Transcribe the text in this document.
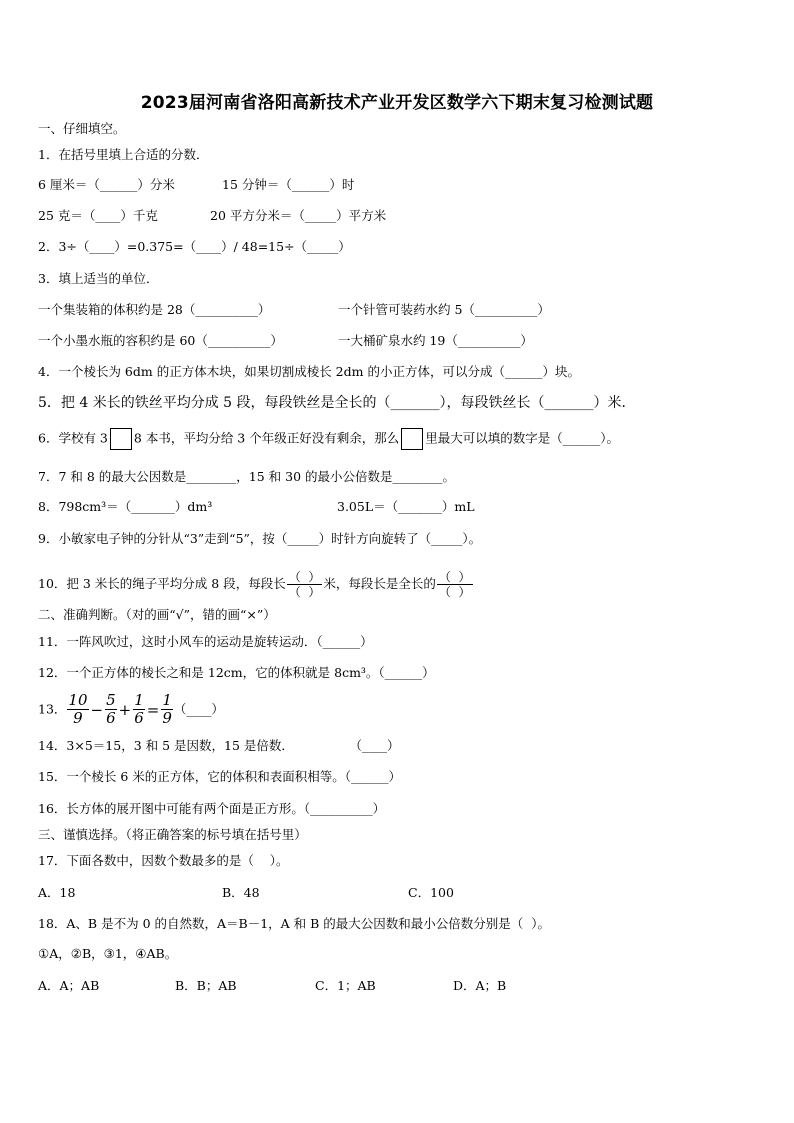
2023届河南省洛阳高新技术产业开发区数学六下期末复习检测试题
一、仔细填空。
1．在括号里填上合适的分数．
6 厘米＝（______）分米	15 分钟＝（______）时
25 克＝（____）千克	20 平方分米＝（_____）平方米
2．3÷（____）=0.375=（____）/ 48=15÷（_____）
3．填上适当的单位．
一个集装箱的体积约是 28（__________）	一个针管可装药水约 5（__________）
一个小墨水瓶的容积约是 60（__________）	一大桶矿泉水约 19（__________）
4．一个棱长为 6dm 的正方体木块，如果切割成棱长 2dm 的小正方体，可以分成（______）块。
5．把 4 米长的铁丝平均分成 5 段，每段铁丝是全长的（_______），每段铁丝长（_______）米．
6．学校有 3 8 本书，平均分给 3 个年级正好没有剩余，那么 里最大可以填的数字是（______）。
7．7 和 8 的最大公因数是________，15 和 30 的最小公倍数是________。
8．798cm³＝（_______）dm³	3.05L＝（_______）mL
9．小敏家电子钟的分针从“3”走到“5”，按（_____）时针方向旋转了（_____）。
10．把 3 米长的绳子平均分成 8 段，每段长 $\frac{( )}{( )}$ 米，每段长是全长的 $\frac{( )}{( )}$
二、准确判断。（对的画“√”，错的画“×”）
11．一阵风吹过，这时小风车的运动是旋转运动．（______）
12．一个正方体的棱长之和是 12cm，它的体积就是 8cm³。（______）
13． $\frac{10}{9} - \frac{5}{6} + \frac{1}{6} = \frac{1}{9}$ （____）
14．3×5＝15，3 和 5 是因数，15 是倍数．              （____）
15．一个棱长 6 米的正方体，它的体积和表面积相等。（______）
16．长方体的展开图中可能有两个面是正方形。（__________）
三、谨慎选择。（将正确答案的标号填在括号里）
17．下面各数中，因数个数最多的是（    ）。
A．18	B．48	C．100
18．A、B 是不为 0 的自然数，A＝B－1，A 和 B 的最大公因数和最小公倍数分别是（  ）。
①A，②B，③1，④AB。
A．A；AB	B．B；AB	C．1；AB	D．A；B
